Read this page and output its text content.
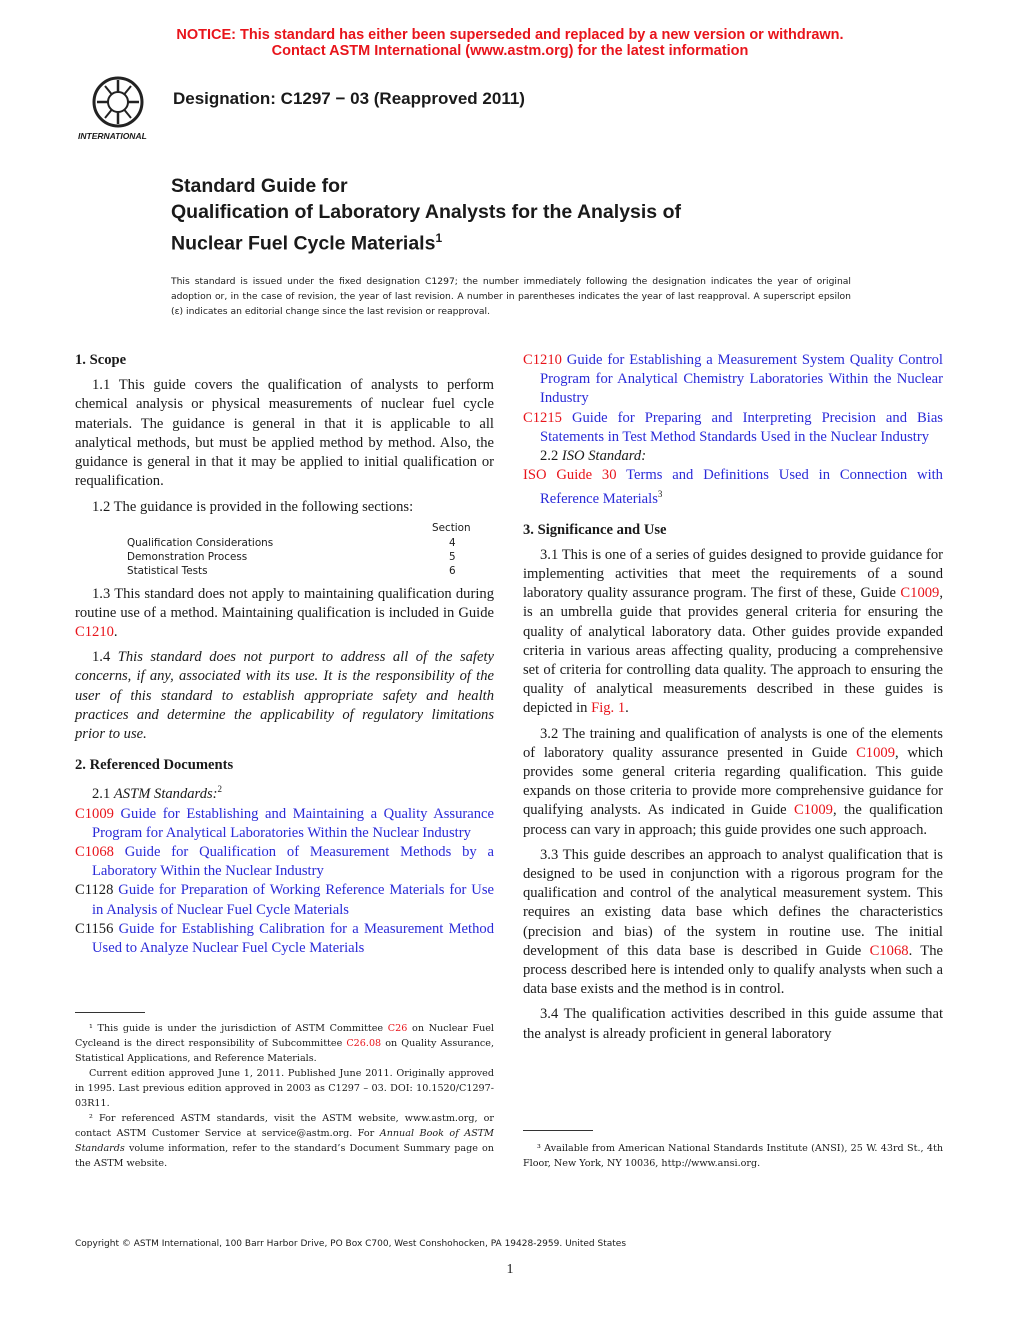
NOTICE: This standard has either been superseded and replaced by a new version or withdrawn.
Contact ASTM International (www.astm.org) for the latest information
INTERNATIONAL
Designation: C1297 − 03 (Reapproved 2011)
Standard Guide for
Qualification of Laboratory Analysts for the Analysis of
Nuclear Fuel Cycle Materials$^1$
This standard is issued under the fixed designation C1297; the number immediately following the designation indicates the year of original adoption or, in the case of revision, the year of last revision. A number in parentheses indicates the year of last reapproval. A superscript epsilon (ε) indicates an editorial change since the last revision or reapproval.

1. Scope

1.1 This guide covers the qualification of analysts to perform chemical analysis or physical measurements of nuclear fuel cycle materials. The guidance is general in that it is applicable to all analytical methods, but must be applied method by method. Also, the guidance is general in that it may be applied to initial qualification or requalification.

1.2 The guidance is provided in the following sections:

Section
Qualification Considerations	4
Demonstration Process	5
Statistical Tests	6

1.3 This standard does not apply to maintaining qualification during routine use of a method. Maintaining qualification is included in Guide C1210.

1.4 This standard does not purport to address all of the safety concerns, if any, associated with its use. It is the responsibility of the user of this standard to establish appropriate safety and health practices and determine the applicability of regulatory limitations prior to use.

2. Referenced Documents

2.1 ASTM Standards:$^2$

C1009 Guide for Establishing and Maintaining a Quality Assurance Program for Analytical Laboratories Within the Nuclear Industry

C1068 Guide for Qualification of Measurement Methods by a Laboratory Within the Nuclear Industry

C1128 Guide for Preparation of Working Reference Materials for Use in Analysis of Nuclear Fuel Cycle Materials

C1156 Guide for Establishing Calibration for a Measurement Method Used to Analyze Nuclear Fuel Cycle Materials

¹ This guide is under the jurisdiction of ASTM Committee C26 on Nuclear Fuel Cycleand is the direct responsibility of Subcommittee C26.08 on Quality Assurance, Statistical Applications, and Reference Materials.
Current edition approved June 1, 2011. Published June 2011. Originally approved in 1995. Last previous edition approved in 2003 as C1297 – 03. DOI: 10.1520/C1297-03R11.
² For referenced ASTM standards, visit the ASTM website, www.astm.org, or contact ASTM Customer Service at service@astm.org. For Annual Book of ASTM Standards volume information, refer to the standard’s Document Summary page on the ASTM website.

C1210 Guide for Establishing a Measurement System Quality Control Program for Analytical Chemistry Laboratories Within the Nuclear Industry

C1215 Guide for Preparing and Interpreting Precision and Bias Statements in Test Method Standards Used in the Nuclear Industry

2.2 ISO Standard:

ISO Guide 30 Terms and Definitions Used in Connection with Reference Materials$^3$

3. Significance and Use

3.1 This is one of a series of guides designed to provide guidance for implementing activities that meet the requirements of a sound laboratory quality assurance program. The first of these, Guide C1009, is an umbrella guide that provides general criteria for ensuring the quality of analytical laboratory data. Other guides provide expanded criteria in various areas affecting quality, producing a comprehensive set of criteria for controlling data quality. The approach to ensuring the quality of analytical measurements described in these guides is depicted in Fig. 1.

3.2 The training and qualification of analysts is one of the elements of laboratory quality assurance presented in Guide C1009, which provides some general criteria regarding qualification. This guide expands on those criteria to provide more comprehensive guidance for qualifying analysts. As indicated in Guide C1009, the qualification process can vary in approach; this guide provides one such approach.

3.3 This guide describes an approach to analyst qualification that is designed to be used in conjunction with a rigorous program for the qualification and control of the analytical measurement system. This requires an existing data base which defines the characteristics (precision and bias) of the system in routine use. The initial development of this data base is described in Guide C1068. The process described here is intended only to qualify analysts when such a data base exists and the method is in control.

3.4 The qualification activities described in this guide assume that the analyst is already proficient in general laboratory

³ Available from American National Standards Institute (ANSI), 25 W. 43rd St., 4th Floor, New York, NY 10036, http://www.ansi.org.
Copyright © ASTM International, 100 Barr Harbor Drive, PO Box C700, West Conshohocken, PA 19428-2959. United States
1
